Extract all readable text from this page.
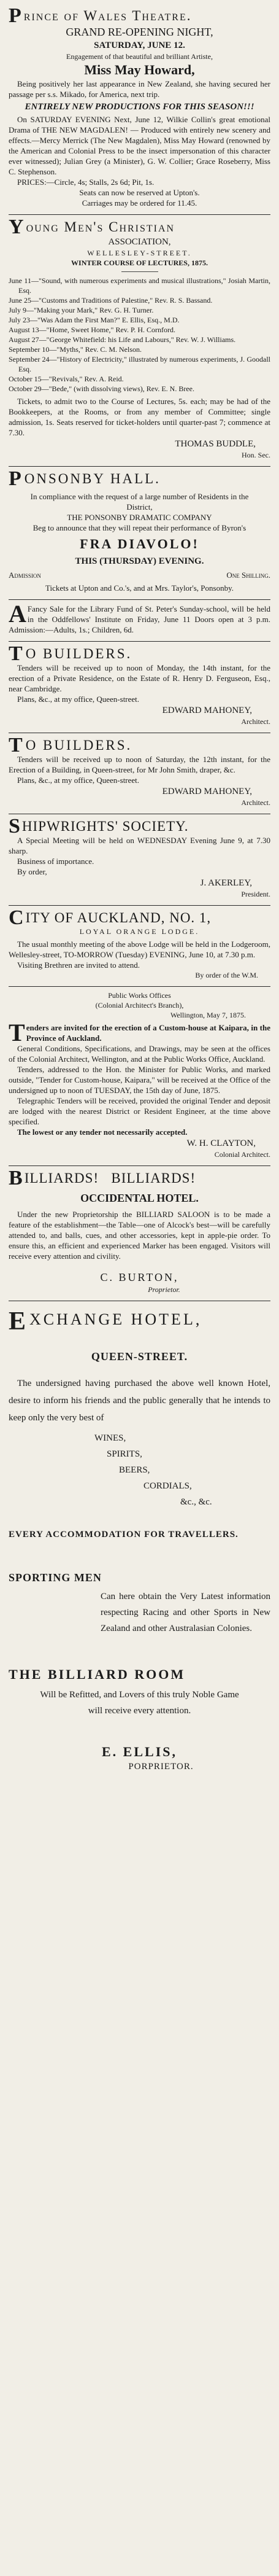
P rince of Wales Theatre.
GRAND RE-OPENING NIGHT,
SATURDAY, JUNE 12.
Engagement of that beautiful and brilliant Artiste,
Miss May Howard,

Being positively her last appearance in New Zealand, she having secured her passage per s.s. Mikado, for America, next trip.

ENTIRELY NEW PRODUCTIONS FOR THIS SEASON!!!

On SATURDAY EVENING Next, June 12, Wilkie Collin's great emotional Drama of THE NEW MAGDALEN! — Produced with entirely new scenery and effects.—Mercy Merrick (The New Magdalen), Miss May Howard (renowned by the American and Colonial Press to be the insect impersonation of this character ever witnessed); Julian Grey (a Minister), G. W. Collier; Grace Roseberry, Miss C. Stephenson.

PRICES:—Circle, 4s; Stalls, 2s 6d; Pit, 1s.

Seats can now be reserved at Upton's.

Carriages may be ordered for 11.45.

Y oung Men's Christian
ASSOCIATION,
WELLESLEY-STREET.
WINTER COURSE OF LECTURES, 1875.

June 11—"Sound, with numerous experiments and musical illustrations," Josiah Martin, Esq.

June 25—"Customs and Traditions of Palestine," Rev. R. S. Bassand.

July 9—"Making your Mark," Rev. G. H. Turner.

July 23—"Was Adam the First Man?" E. Ellis, Esq., M.D.

August 13—"Home, Sweet Home," Rev. P. H. Cornford.

August 27—"George Whitefield: his Life and Labours," Rev. W. J. Williams.

September 10—"Myths," Rev. C. M. Nelson.

September 24—"History of Electricity," illustrated by numerous experiments, J. Goodall Esq.

October 15—"Revivals," Rev. A. Reid.

October 29—"Bede," (with dissolving views), Rev. E. N. Bree.

Tickets, to admit two to the Course of Lectures, 5s. each; may be had of the Bookkeepers, at the Rooms, or from any member of Committee; single admission, 1s. Seats reserved for ticket-holders until quarter-past 7; commence at 7.30.

THOMAS BUDDLE,
Hon. Sec.
P ONSONBY HALL.

In compliance with the request of a large number of Residents in the District,

THE PONSONBY DRAMATIC COMPANY

Beg to announce that they will repeat their performance of Byron's

FRA DIAVOLO!
THIS (THURSDAY) EVENING.
Admission	One Shilling.

Tickets at Upton and Co.'s, and at Mrs. Taylor's, Ponsonby.

A Fancy Sale for the Library Fund of St. Peter's Sunday-school, will be held in the Oddfellows' Institute on Friday, June 11 Doors open at 3 p.m. Admission:—Adults, 1s.; Children, 6d.

T O BUILDERS.

Tenders will be received up to noon of Monday, the 14th instant, for the erection of a Private Residence, on the Estate of R. Henry D. Ferguseon, Esq., near Cambridge.

Plans, &c., at my office, Queen-street.

EDWARD MAHONEY,
Architect.
T O BUILDERS.

Tenders will be received up to noon of Saturday, the 12th instant, for the Erection of a Building, in Queen-street, for Mr John Smith, draper, &c.

Plans, &c., at my office, Queen-street.

EDWARD MAHONEY,
Architect.
S HIPWRIGHTS' SOCIETY.

A Special Meeting will be held on WEDNESDAY Evening June 9, at 7.30 sharp.

Business of importance.

By order,

J. AKERLEY,
President.
C ITY OF AUCKLAND, NO. 1,
LOYAL ORANGE LODGE.

The usual monthly meeting of the above Lodge will be held in the Lodgeroom, Wellesley-street, TO-MORROW (Tuesday) EVENING, June 10, at 7.30 p.m.

Visiting Brethren are invited to attend.

By order of the W.M.
Public Works Offices
(Colonial Architect's Branch),
Wellington, May 7, 1875.
T enders are invited for the erection of a Custom-house at Kaipara, in the Province of Auckland.

General Conditions, Specifications, and Drawings, may be seen at the offices of the Colonial Architect, Wellington, and at the Public Works Office, Auckland.

Tenders, addressed to the Hon. the Minister for Public Works, and marked outside, "Tender for Custom-house, Kaipara," will be received at the Office of the undersigned up to noon of TUESDAY, the 15th day of June, 1875.

Telegraphic Tenders will be received, provided the original Tender and deposit are lodged with the nearest District or Resident Engineer, at the time above specified.

The lowest or any tender not necessarily accepted.

W. H. CLAYTON,
Colonial Architect.
B ILLIARDS!   BILLIARDS!
OCCIDENTAL HOTEL.

Under the new Proprietorship the BILLIARD SALOON is to be made a feature of the establishment—the Table—one of Alcock's best—will be carefully attended to, and balls, cues, and other accessories, kept in apple-pie order. To ensure this, an efficient and experienced Marker has been engaged. Visitors will receive every attention and civility.

C. BURTON,
Proprietor.
EXCHANGE HOTEL,
QUEEN-STREET.

The undersigned having purchased the above well known Hotel, desire to inform his friends and the public generally that he intends to keep only the very best of

WINES,
SPIRITS,
BEERS,
CORDIALS,
&c., &c.
EVERY ACCOMMODATION FOR TRAVELLERS.
SPORTING MEN

Can here obtain the Very Latest information respecting Racing and other Sports in New Zealand and other Australasian Colonies.

THE BILLIARD ROOM

Will be Refitted, and Lovers of this truly Noble Game will receive every attention.

E. ELLIS,
PORPRIETOR.
